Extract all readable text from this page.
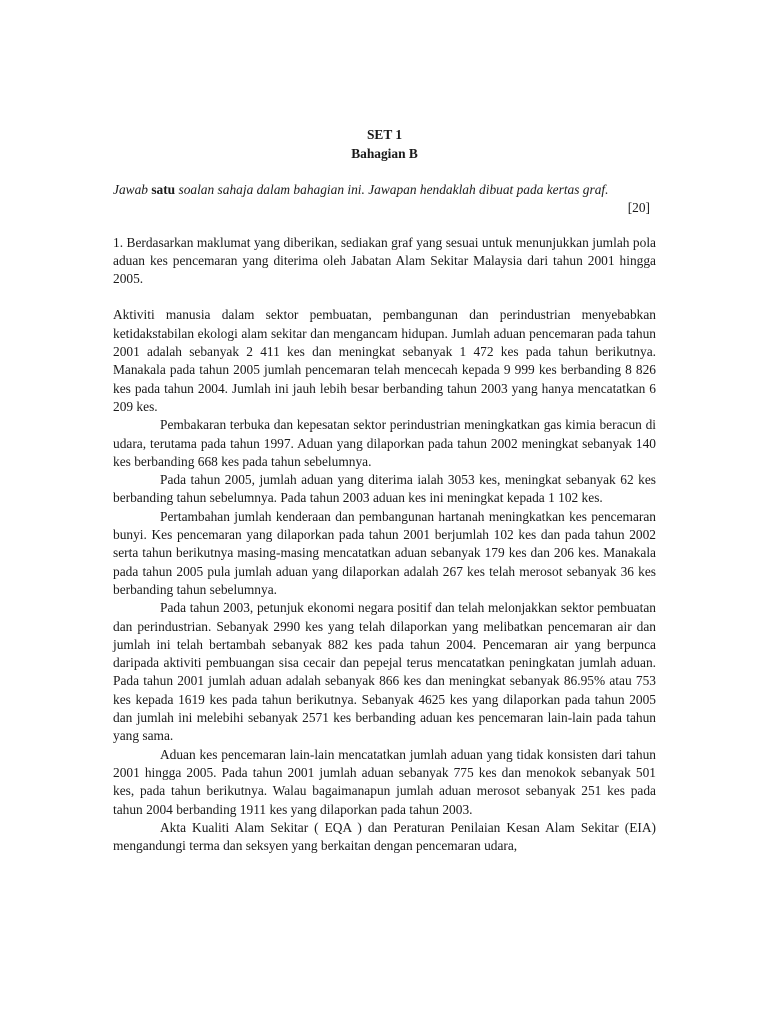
SET 1
Bahagian B
Jawab satu soalan sahaja dalam bahagian ini. Jawapan hendaklah dibuat pada kertas graf.
[20]
1. Berdasarkan maklumat yang diberikan, sediakan graf yang sesuai untuk menunjukkan jumlah pola aduan kes pencemaran yang diterima oleh Jabatan Alam Sekitar Malaysia dari tahun 2001 hingga 2005.
Aktiviti manusia dalam sektor pembuatan, pembangunan dan perindustrian menyebabkan ketidakstabilan ekologi alam sekitar dan mengancam hidupan. Jumlah aduan pencemaran pada tahun 2001 adalah sebanyak 2 411 kes dan meningkat sebanyak 1 472 kes pada tahun berikutnya. Manakala pada tahun 2005 jumlah pencemaran telah mencecah kepada 9 999 kes berbanding 8 826 kes pada tahun 2004. Jumlah ini jauh lebih besar berbanding tahun 2003 yang hanya mencatatkan 6 209 kes.
Pembakaran terbuka dan kepesatan sektor perindustrian meningkatkan gas kimia beracun di udara, terutama pada tahun 1997. Aduan yang dilaporkan pada tahun 2002 meningkat sebanyak 140 kes berbanding 668 kes pada tahun sebelumnya.
Pada tahun 2005, jumlah aduan yang diterima ialah 3053 kes, meningkat sebanyak 62 kes berbanding tahun sebelumnya. Pada tahun 2003 aduan kes ini meningkat kepada 1 102 kes.
Pertambahan jumlah kenderaan dan pembangunan hartanah meningkatkan kes pencemaran bunyi. Kes pencemaran yang dilaporkan pada tahun 2001 berjumlah 102 kes dan pada tahun 2002 serta tahun berikutnya masing-masing mencatatkan aduan sebanyak 179 kes dan 206 kes. Manakala pada tahun 2005 pula jumlah aduan yang dilaporkan adalah 267 kes telah merosot sebanyak 36 kes berbanding tahun sebelumnya.
Pada tahun 2003, petunjuk ekonomi negara positif dan telah melonjakkan sektor pembuatan dan perindustrian. Sebanyak 2990 kes yang telah dilaporkan yang melibatkan pencemaran air dan jumlah ini telah bertambah sebanyak 882 kes pada tahun 2004. Pencemaran air yang berpunca daripada aktiviti pembuangan sisa cecair dan pepejal terus mencatatkan peningkatan jumlah aduan. Pada tahun 2001 jumlah aduan adalah sebanyak 866 kes dan meningkat sebanyak 86.95% atau 753 kes kepada 1619 kes pada tahun berikutnya. Sebanyak 4625 kes yang dilaporkan pada tahun 2005 dan jumlah ini melebihi sebanyak 2571 kes berbanding aduan kes pencemaran lain-lain pada tahun yang sama.
Aduan kes pencemaran lain-lain mencatatkan jumlah aduan yang tidak konsisten dari tahun 2001 hingga 2005. Pada tahun 2001 jumlah aduan sebanyak 775 kes dan menokok sebanyak 501 kes, pada tahun berikutnya. Walau bagaimanapun jumlah aduan merosot sebanyak 251 kes pada tahun 2004 berbanding 1911 kes yang dilaporkan pada tahun 2003.
Akta Kualiti Alam Sekitar ( EQA ) dan Peraturan Penilaian Kesan Alam Sekitar (EIA) mengandungi terma dan seksyen yang berkaitan dengan pencemaran udara,
